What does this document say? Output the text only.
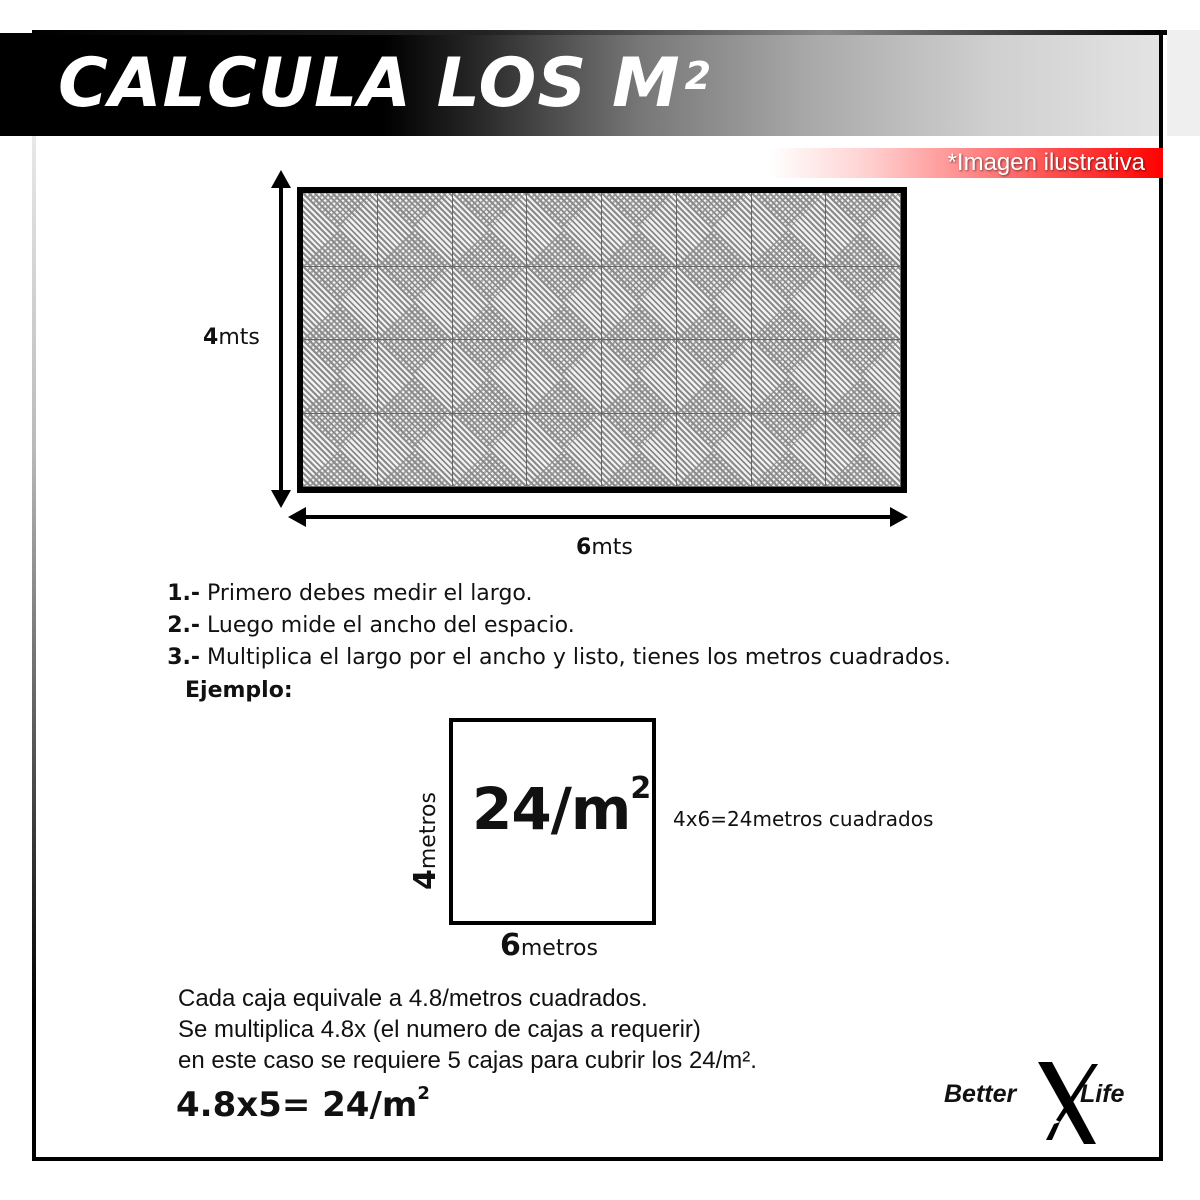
CALCULA LOS M $^2$
*Imagen ilustrativa
4mts
6mts
1.- Primero debes medir el largo.
2.- Luego mide el ancho del espacio.
3.- Multiplica el largo por el ancho y listo, tienes los metros cuadrados.
Ejemplo:
$24/m^2$
4metros
6metros
4x6=24metros cuadrados
Cada caja equivale a 4.8/metros cuadrados.
Se multiplica 4.8x (el numero de cajas a requerir)
en este caso se requiere 5 cajas para cubrir los 24/m².
$4.8x5= 24/m^2$	Better	Life
